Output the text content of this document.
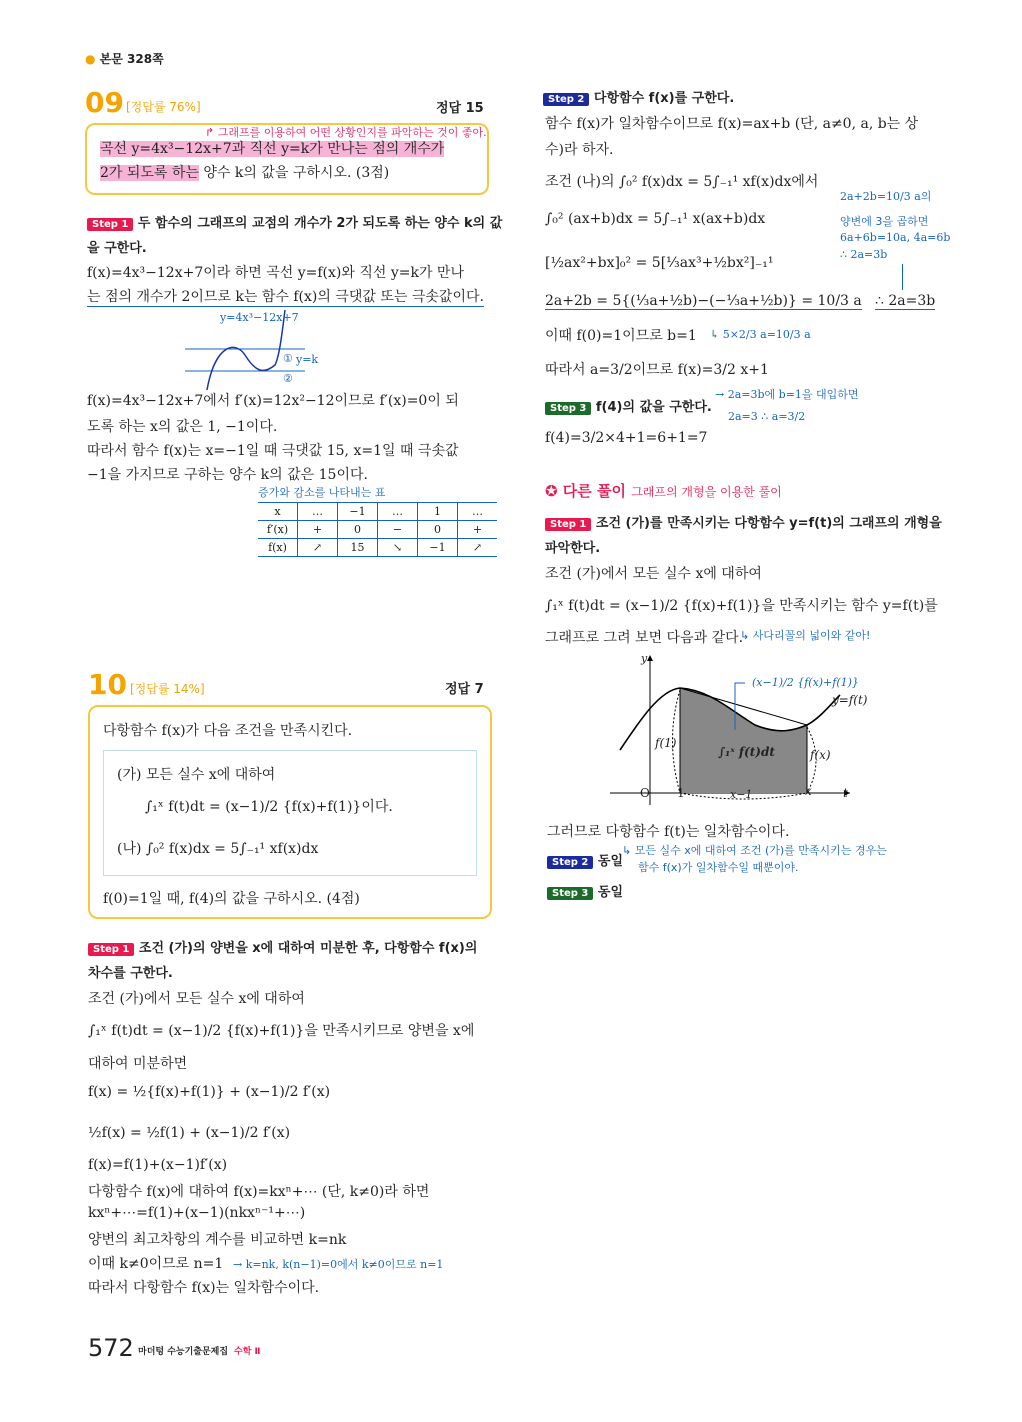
● 본문 328쪽
09 [정답률 76%]	정답 15
↱ 그래프를 이용하여 어떤 상황인지를 파악하는 것이 좋아.
곡선 y=4x³−12x+7과 직선 y=k가 만나는 점의 개수가
2가 되도록 하는 양수 k의 값을 구하시오. (3점)
Step 1 두 함수의 그래프의 교점의 개수가 2가 되도록 하는 양수 k의 값
을 구한다.
f(x)=4x³−12x+7이라 하면 곡선 y=f(x)와 직선 y=k가 만나
는 점의 개수가 2이므로 k는 함수 f(x)의 극댓값 또는 극솟값이다.
y=4x³−12x+7
① y=k
②
f(x)=4x³−12x+7에서 f′(x)=12x²−12이므로 f′(x)=0이 되
도록 하는 x의 값은 1, −1이다.
따라서 함수 f(x)는 x=−1일 때 극댓값 15, x=1일 때 극솟값
−1을 가지므로 구하는 양수 k의 값은 15이다.
증가와 감소를 나타내는 표
x	…	−1	…	1	…
f′(x)	+	0	−	0	+
f(x)	↗	15	↘	−1	↗
10 [정답률 14%]	정답 7
다항함수 f(x)가 다음 조건을 만족시킨다.
(가) 모든 실수 x에 대하여
∫₁ˣ f(t)dt = (x−1)/2 {f(x)+f(1)}이다.
(나) ∫₀² f(x)dx = 5∫₋₁¹ xf(x)dx
f(0)=1일 때, f(4)의 값을 구하시오. (4점)
Step 1 조건 (가)의 양변을 x에 대하여 미분한 후, 다항함수 f(x)의
차수를 구한다.
조건 (가)에서 모든 실수 x에 대하여
∫₁ˣ f(t)dt = (x−1)/2 {f(x)+f(1)}을 만족시키므로 양변을 x에
대하여 미분하면
f(x) = ½{f(x)+f(1)} + (x−1)/2 f′(x)
½f(x) = ½f(1) + (x−1)/2 f′(x)
f(x)=f(1)+(x−1)f′(x)
다항함수 f(x)에 대하여 f(x)=kxⁿ+⋯ (단, k≠0)라 하면
kxⁿ+⋯=f(1)+(x−1)(nkxⁿ⁻¹+⋯)
양변의 최고차항의 계수를 비교하면 k=nk
이때 k≠0이므로 n=1 → k=nk, k(n−1)=0에서 k≠0이므로 n=1
따라서 다항함수 f(x)는 일차함수이다.
Step 2 다항함수 f(x)를 구한다.
함수 f(x)가 일차함수이므로 f(x)=ax+b (단, a≠0, a, b는 상
수)라 하자.
조건 (나)의 ∫₀² f(x)dx = 5∫₋₁¹ xf(x)dx에서
∫₀² (ax+b)dx = 5∫₋₁¹ x(ax+b)dx
[½ax²+bx]₀² = 5[⅓ax³+½bx²]₋₁¹
2a+2b = 5{(⅓a+½b)−(−⅓a+½b)} = 10/3 a
이때 f(0)=1이므로 b=1 ↳ 5×2/3 a=10/3 a
따라서 a=3/2이므로 f(x)=3/2 x+1
2a+2b=10/3 a의
양변에 3을 곱하면
6a+6b=10a, 4a=6b
∴ 2a=3b
∴ 2a=3b
→ 2a=3b에 b=1을 대입하면
2a=3 ∴ a=3/2
Step 3 f(4)의 값을 구한다.
f(4)=3/2×4+1=6+1=7
✪ 다른 풀이 그래프의 개형을 이용한 풀이
Step 1 조건 (가)를 만족시키는 다항함수 y=f(t)의 그래프의 개형을
파악한다.
조건 (가)에서 모든 실수 x에 대하여
∫₁ˣ f(t)dt = (x−1)/2 {f(x)+f(1)}을 만족시키는 함수 y=f(t)를
그래프로 그려 보면 다음과 같다.
↳ 사다리꼴의 넓이와 같아!
y
O 1	x−1	x	t
f(1)
f(x)
∫₁ˣ f(t)dt
(x−1)/2 {f(x)+f(1)}
y=f(t)
그러므로 다항함수 f(t)는 일차함수이다.
Step 2 동일
↳ 모든 실수 x에 대하여 조건 (가)를 만족시키는 경우는
함수 f(x)가 일차함수일 때뿐이야.
Step 3 동일
572 마더텅 수능기출문제집 수학 Ⅱ
